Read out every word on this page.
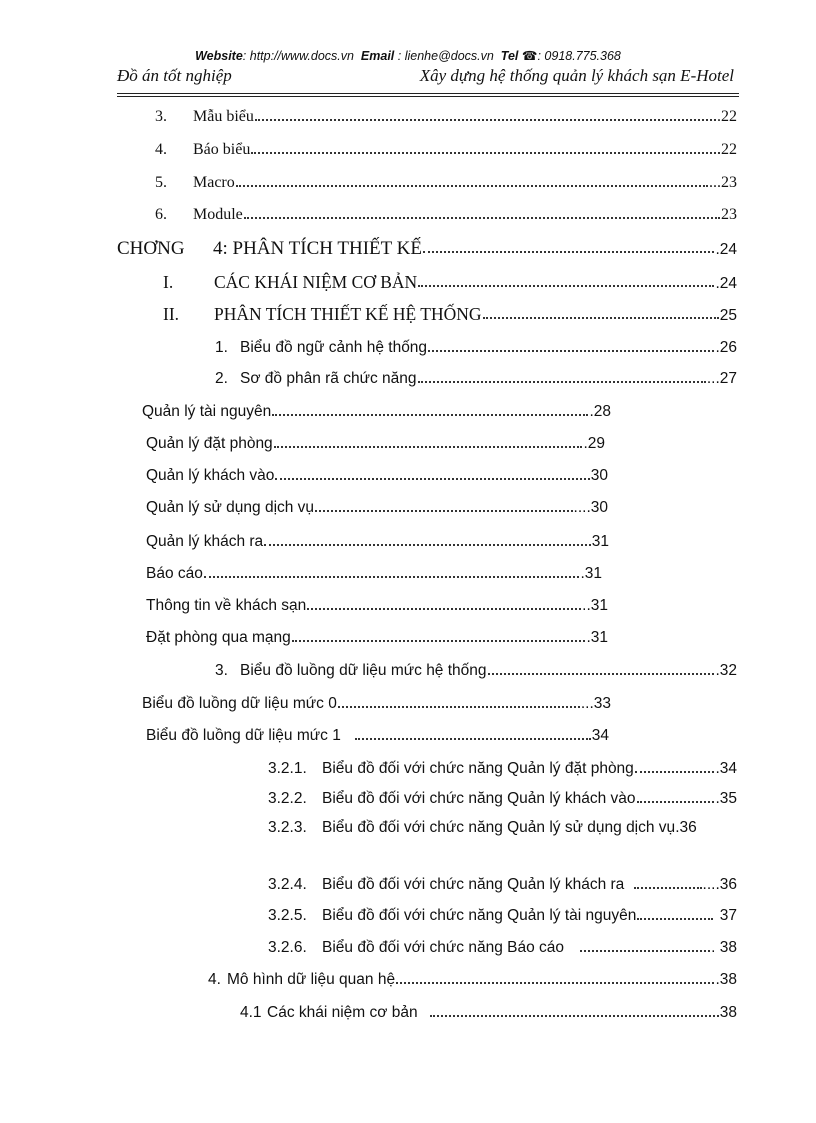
Website: http://www.docs.vn Email : lienhe@docs.vn Tel ☎: 0918.775.368
Đồ án tốt nghiệp	Xây dựng hệ thống quản lý khách sạn E-Hotel
3.	Mẫu biểu	.22
4.	Báo biểu	22
5.	Macro	...23
6.	Module	23
CHƠNG	4: PHÂN TÍCH THIẾT KẾ	.24
I.	CÁC KHÁI NIỆM CƠ BẢN	.24
II.	PHÂN TÍCH THIẾT KẾ HỆ THỐNG	25
1. Biểu đồ ngữ cảnh hệ thống	.26
2. Sơ đồ phân rã chức năng	...27
Quản lý tài nguyên	.28
Quản lý đặt phòng	.29
Quản lý khách vào	30
Quản lý sử dụng dịch vụ	....30
Quản lý khách ra	31
Báo cáo	.31
Thông tin về khách sạn	..31
Đặt phòng qua mạng	.31
3. Biểu đồ luồng dữ liệu mức hệ thống	.32
Biểu đồ luồng dữ liệu mức 0	...33
Biểu đồ luồng dữ liệu mức 1	34
3.2.1. Biểu đồ đối với chức năng Quản lý đặt phòng	.34
3.2.2. Biểu đồ đối với chức năng Quản lý khách vào	.35
3.2.3. Biểu đồ đối với chức năng Quản lý sử dụng dịch vụ .36
3.2.4. Biểu đồ đối với chức năng Quản lý khách ra	....36
3.2.5. Biểu đồ đối với chức năng Quản lý tài nguyên	37
3.2.6. Biểu đồ đối với chức năng Báo cáo	. 38
4. Mô hình dữ liệu quan hệ	.38
4.1 Các khái niệm cơ bản	38
